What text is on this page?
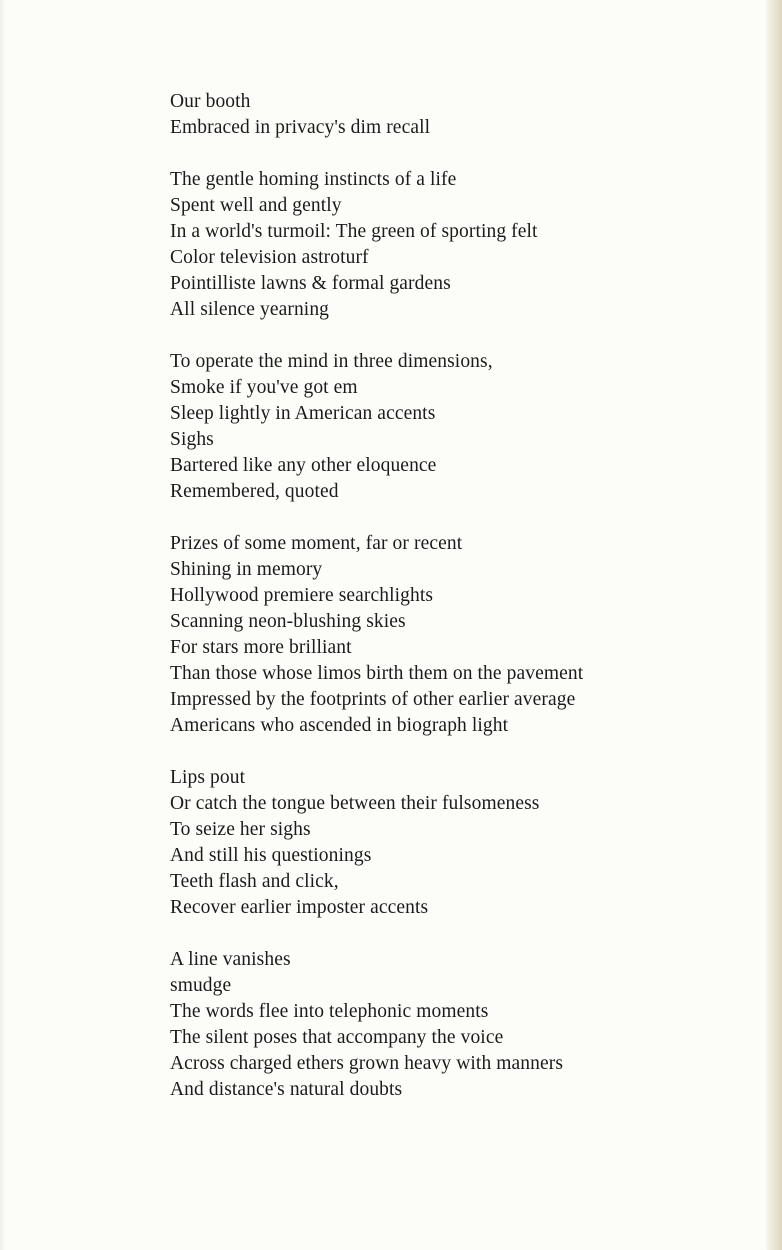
Our booth
Embraced in privacy's dim recall
The gentle homing instincts of a life
Spent well and gently
In a world's turmoil: The green of sporting felt
Color television astroturf
Pointilliste lawns & formal gardens
All silence yearning
To operate the mind in three dimensions,
Smoke if you've got em
Sleep lightly in American accents
Sighs
Bartered like any other eloquence
Remembered, quoted
Prizes of some moment, far or recent
Shining in memory
Hollywood premiere searchlights
Scanning neon-blushing skies
For stars more brilliant
Than those whose limos birth them on the pavement
Impressed by the footprints of other earlier average
Americans who ascended in biograph light
Lips pout
Or catch the tongue between their fulsomeness
To seize her sighs
And still his questionings
Teeth flash and click,
Recover earlier imposter accents
A line vanishes
smudge
The words flee into telephonic moments
The silent poses that accompany the voice
Across charged ethers grown heavy with manners
And distance's natural doubts
